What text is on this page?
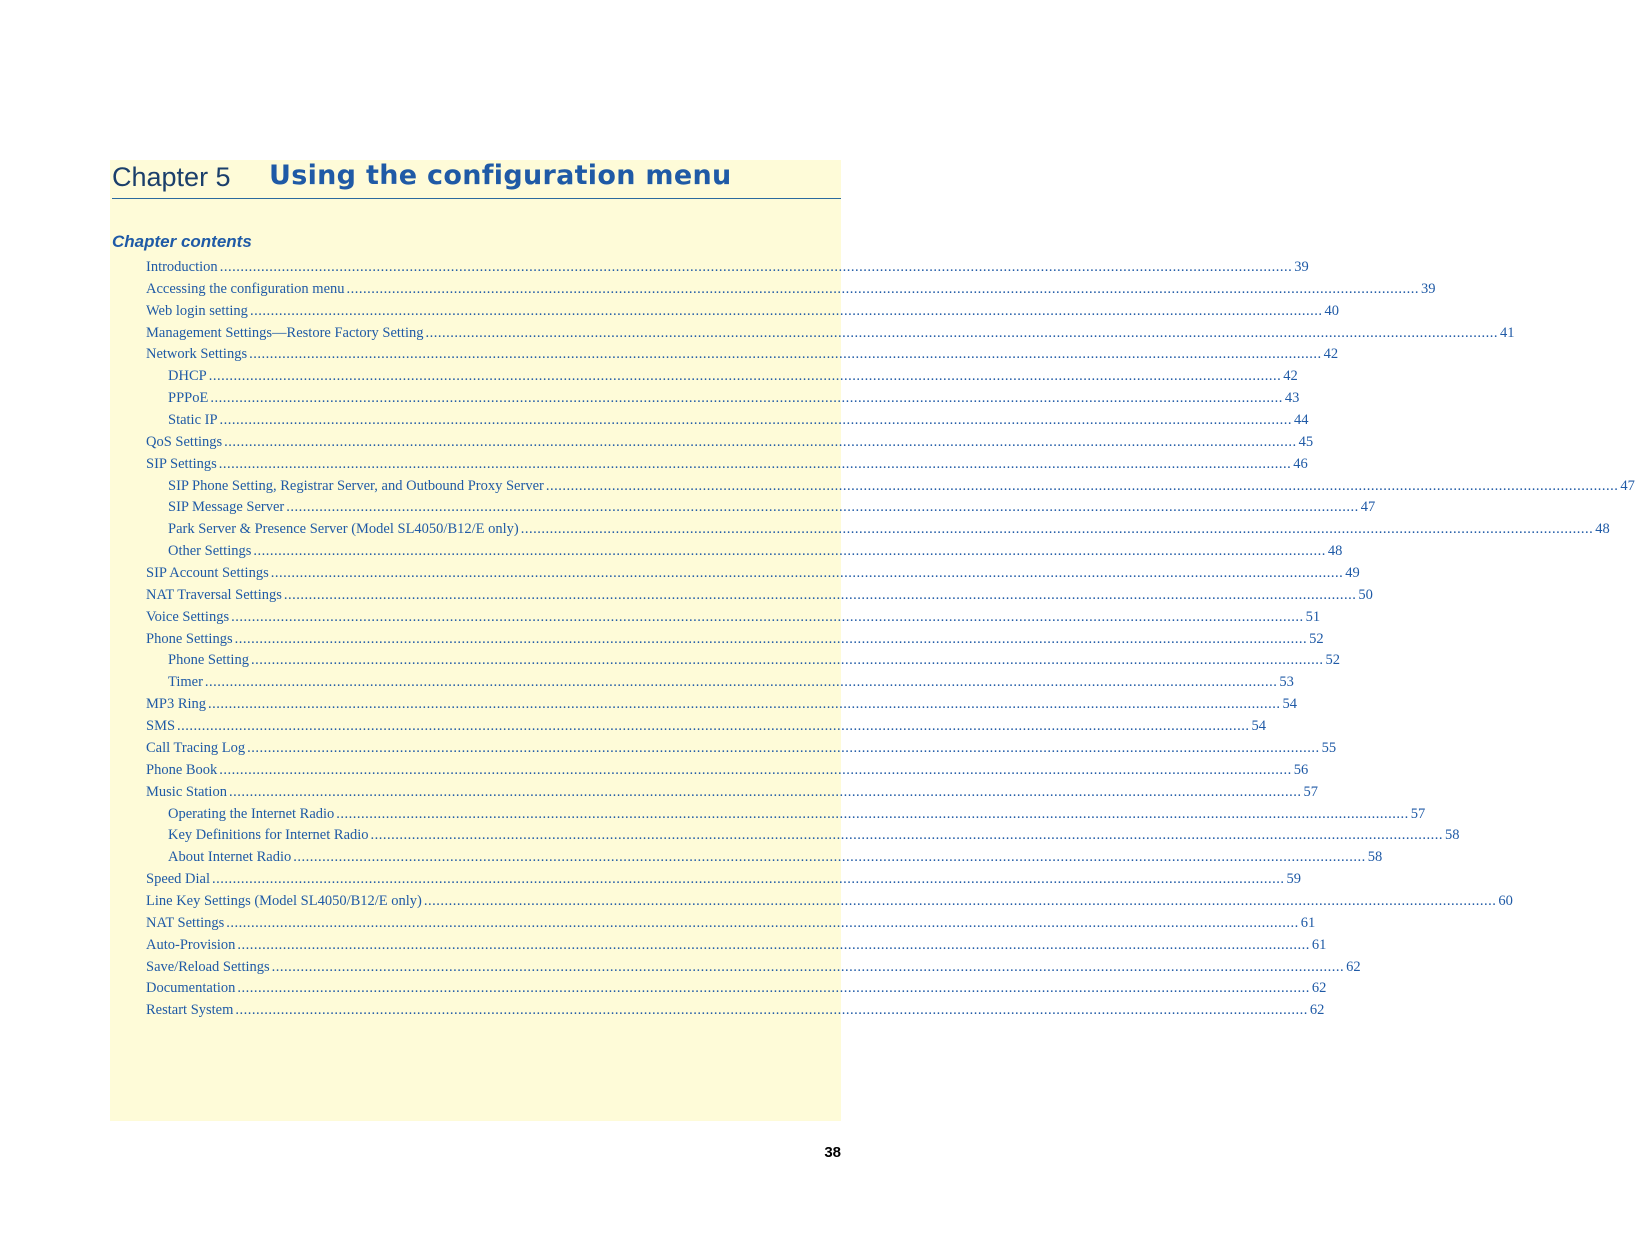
Chapter 5 Using the configuration menu
Chapter contents
Introduction .................................................................................................................................................................................................................................................................... 39
Accessing the configuration menu .................................................................................................................................................................................................................................................................... 39
Web login setting .................................................................................................................................................................................................................................................................... 40
Management Settings—Restore Factory Setting .................................................................................................................................................................................................................................................................... 41
Network Settings .................................................................................................................................................................................................................................................................... 42
DHCP .................................................................................................................................................................................................................................................................... 42
PPPoE .................................................................................................................................................................................................................................................................... 43
Static IP .................................................................................................................................................................................................................................................................... 44
QoS Settings .................................................................................................................................................................................................................................................................... 45
SIP Settings .................................................................................................................................................................................................................................................................... 46
SIP Phone Setting, Registrar Server, and Outbound Proxy Server .................................................................................................................................................................................................................................................................... 47
SIP Message Server .................................................................................................................................................................................................................................................................... 47
Park Server & Presence Server (Model SL4050/B12/E only) .................................................................................................................................................................................................................................................................... 48
Other Settings .................................................................................................................................................................................................................................................................... 48
SIP Account Settings .................................................................................................................................................................................................................................................................... 49
NAT Traversal Settings .................................................................................................................................................................................................................................................................... 50
Voice Settings .................................................................................................................................................................................................................................................................... 51
Phone Settings .................................................................................................................................................................................................................................................................... 52
Phone Setting .................................................................................................................................................................................................................................................................... 52
Timer .................................................................................................................................................................................................................................................................... 53
MP3 Ring .................................................................................................................................................................................................................................................................... 54
SMS .................................................................................................................................................................................................................................................................... 54
Call Tracing Log .................................................................................................................................................................................................................................................................... 55
Phone Book .................................................................................................................................................................................................................................................................... 56
Music Station .................................................................................................................................................................................................................................................................... 57
Operating the Internet Radio .................................................................................................................................................................................................................................................................... 57
Key Definitions for Internet Radio .................................................................................................................................................................................................................................................................... 58
About Internet Radio .................................................................................................................................................................................................................................................................... 58
Speed Dial .................................................................................................................................................................................................................................................................... 59
Line Key Settings (Model SL4050/B12/E only) .................................................................................................................................................................................................................................................................... 60
NAT Settings .................................................................................................................................................................................................................................................................... 61
Auto-Provision .................................................................................................................................................................................................................................................................... 61
Save/Reload Settings .................................................................................................................................................................................................................................................................... 62
Documentation .................................................................................................................................................................................................................................................................... 62
Restart System .................................................................................................................................................................................................................................................................... 62
38
